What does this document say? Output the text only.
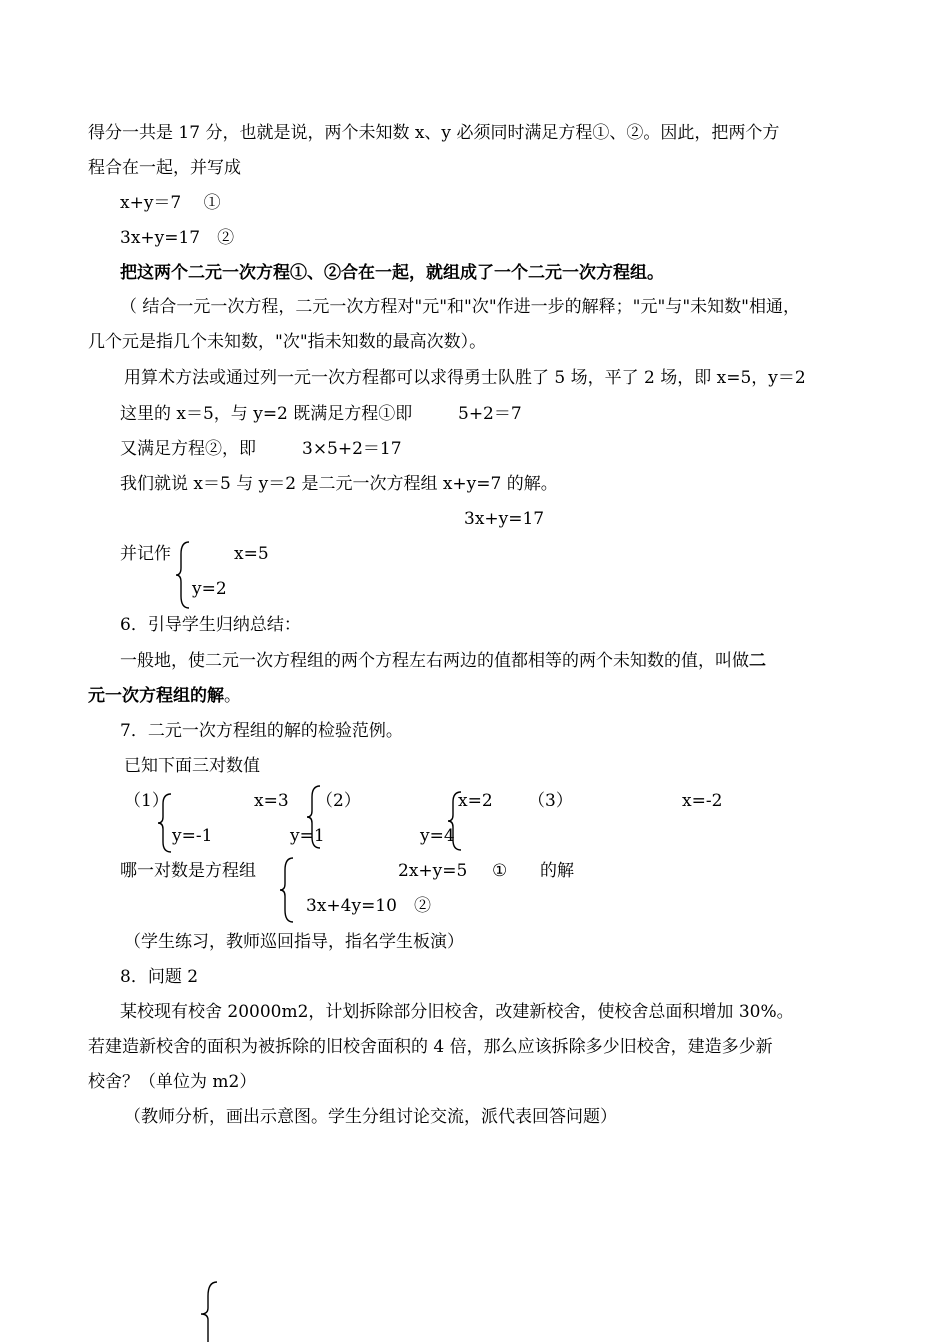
得分一共是 17 分，也就是说，两个未知数 x、y 必须同时满足方程①、②。因此，把两个方
程合在一起，并写成
x+y＝7　 ①
3x+y=17　②
把这两个二元一次方程①、②合在一起，就组成了一个二元一次方程组。
（ 结合一元一次方程，二元一次方程对"元"和"次"作进一步的解释；"元"与"未知数"相通，
几个元是指几个未知数，"次"指未知数的最高次数）。
用算术方法或通过列一元一次方程都可以求得勇士队胜了 5 场，平了 2 场，即 x=5，y＝2
这里的 x＝5，与 y=2 既满足方程①即	5+2＝7
又满足方程②，即	3×5+2＝17
我们就说 x＝5 与 y＝2 是二元一次方程组 x+y=7 的解。
3x+y=17
并记作	x=5
y=2
6．引导学生归纳总结：
一般地，使二元一次方程组的两个方程左右两边的值都相等的两个未知数的值，叫做二
元一次方程组的解。
7．二元一次方程组的解的检验范例。
已知下面三对数值
（1）	x=3
y=-1
（2）	x=2
y=1
（3）	x=-2
y=4
哪一对数是方程组	2x+y=5 ① 的解
3x+4y=10　②
（学生练习，教师巡回指导，指名学生板演）
8．问题 2
某校现有校舍 20000m2，计划拆除部分旧校舍，改建新校舍，使校舍总面积增加 30%。
若建造新校舍的面积为被拆除的旧校舍面积的 4 倍，那么应该拆除多少旧校舍，建造多少新
校舍？（单位为 m2）
（教师分析，画出示意图。学生分组讨论交流，派代表回答问题）
